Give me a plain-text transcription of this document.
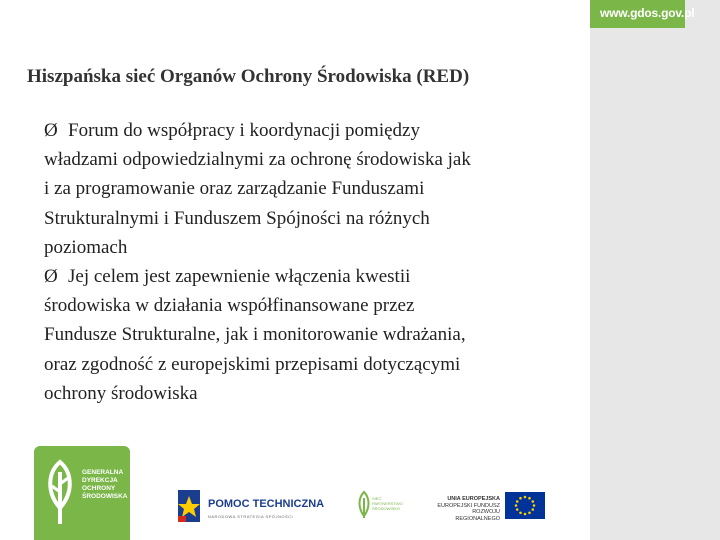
www.gdos.gov.pl
Hiszpańska sieć Organów Ochrony Środowiska (RED)
Ø Forum do współpracy i koordynacji pomiędzy
władzami odpowiedzialnymi za ochronę środowiska jak
i za programowanie oraz zarządzanie Funduszami
Strukturalnymi i Funduszem Spójności na różnych
poziomach
Ø Jej celem jest zapewnienie włączenia kwestii
środowiska w działania współfinansowane przez
Fundusze Strukturalne, jak i monitorowanie wdrażania,
oraz zgodność z europejskimi przepisami dotyczącymi
ochrony środowiska
GENERALNA
DYREKCJA
OCHRONY
ŚRODOWISKA
POMOC TECHNICZNA
NARODOWA STRATEGIA SPÓJNOŚCI
SIEĆ
PARTNERSTWO
ŚRODOWISKO
UNIA EUROPEJSKA
EUROPEJSKI FUNDUSZ
ROZWOJU REGIONALNEGO
